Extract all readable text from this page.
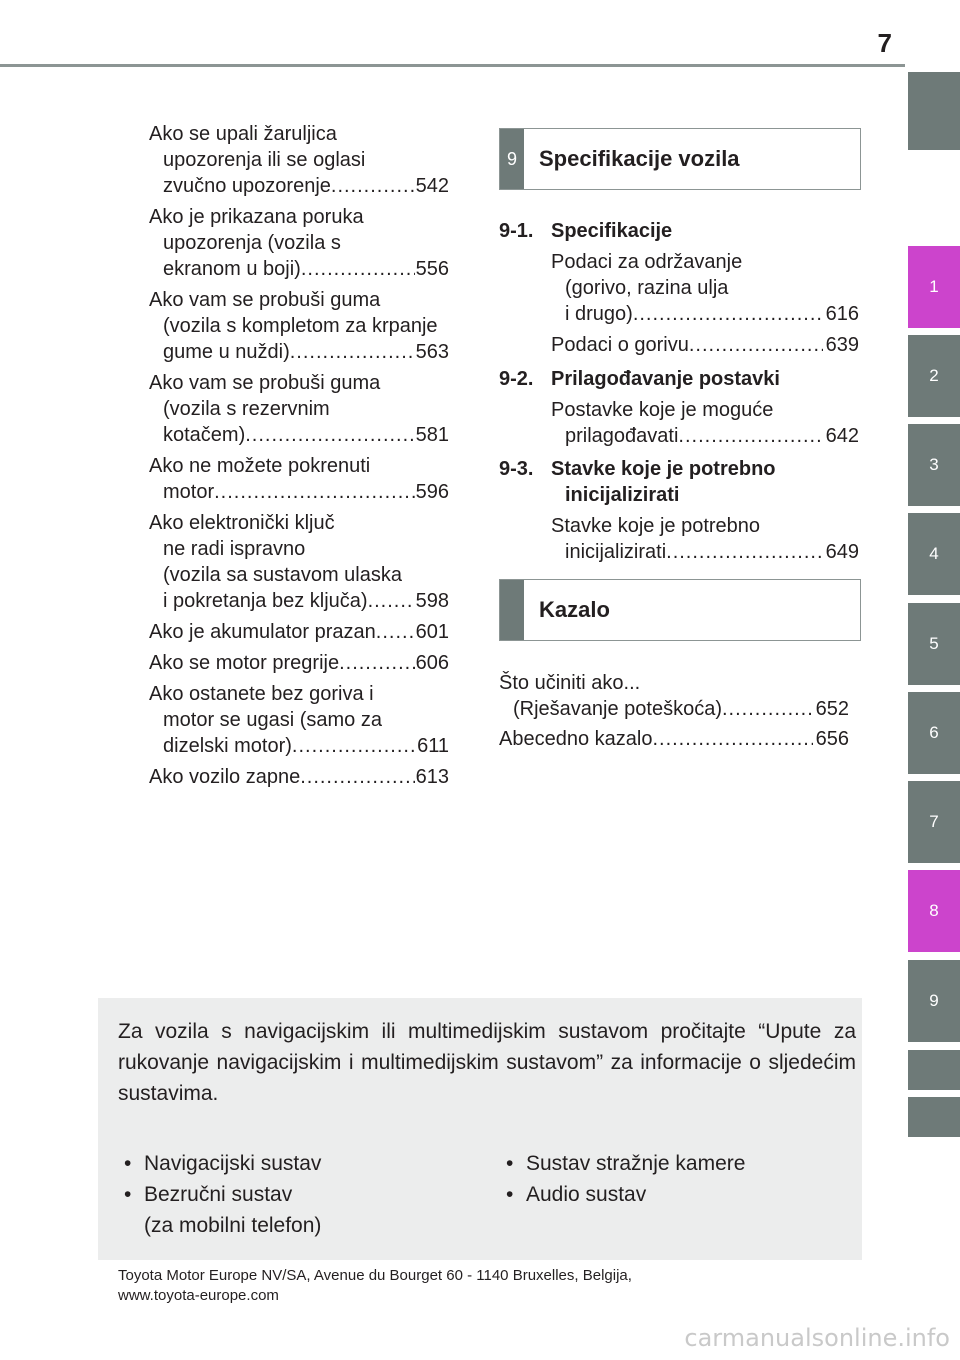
7
1
2
3
4
5
6
7
8
9
Ako se upali žaruljica
upozorenja ili se oglasi
zvučno upozorenje .....	542
Ako je prikazana poruka
upozorenja (vozila s
ekranom u boji) .....	556
Ako vam se probuši guma
(vozila s kompletom za krpanje
gume u nuždi) .....	563
Ako vam se probuši guma
(vozila s rezervnim
kotačem) .....	581
Ako ne možete pokrenuti
motor .....	596
Ako elektronički ključ
ne radi ispravno
(vozila sa sustavom ulaska
i pokretanja bez ključa) ..... 598
Ako je akumulator prazan ..... 601
Ako se motor pregrije .....	606
Ako ostanete bez goriva i
motor se ugasi (samo za
dizelski motor) .....	611
Ako vozilo zapne .....	613
9	Specifikacije vozila
9-1. Specifikacije
Podaci za održavanje
(gorivo, razina ulja
i drugo) .....	616
Podaci o gorivu .....	639
9-2. Prilagođavanje postavki
Postavke koje je moguće
prilagođavati .....	642
9-3. Stavke koje je potrebno
inicijalizirati
Stavke koje je potrebno
inicijalizirati .....	649
Kazalo
Što učiniti ako...
(Rješavanje poteškoća) .....	652
Abecedno kazalo .....	656
Za vozila s navigacijskim ili multimedijskim sustavom pročitajte “Upute za rukovanje navigacijskim i multimedijskim sustavom” za informacije o sljedećim sustavima.
• Navigacijski sustav
• Bezručni sustav
(za mobilni telefon)
• Sustav stražnje kamere
• Audio sustav
Toyota Motor Europe NV/SA, Avenue du Bourget 60 - 1140 Bruxelles, Belgija,
www.toyota-europe.com
carmanualsonline.info
